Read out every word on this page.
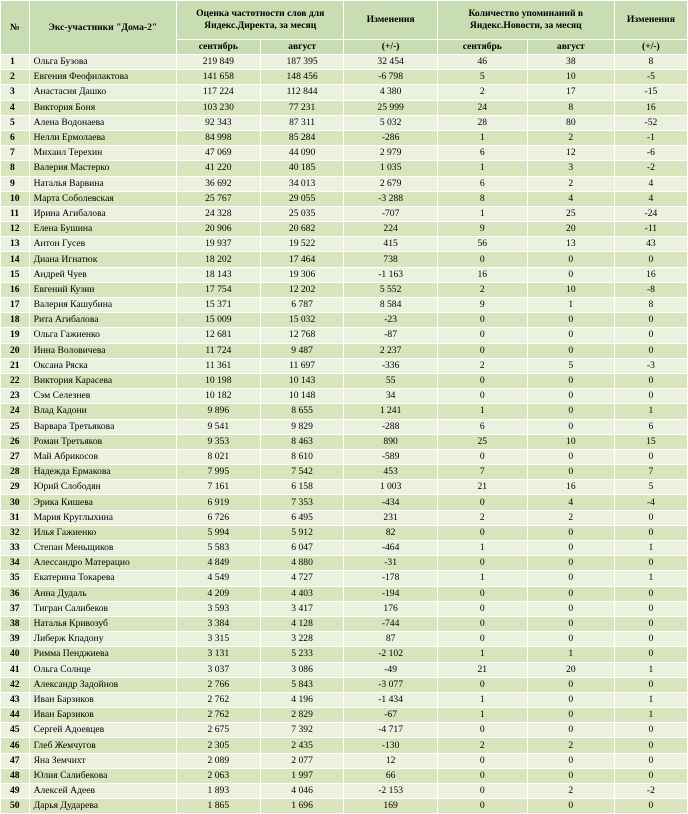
№	Экс-участники "Дома-2"	Оценка частотности слов для Яндекс.Директа, за месяц		Изменения	Количество упоминаний в Яндекс.Новости, за месяц		Изменения
		сентябрь	август	(+/-)	сентябрь	август	(+/-)
1	Ольга Бузова	219 849	187 395	32 454	46	38	8
2	Евгения Феофилактова	141 658	148 456	-6 798	5	10	-5
3	Анастасия Дашко	117 224	112 844	4 380	2	17	-15
4	Виктория Боня	103 230	77 231	25 999	24	8	16
5	Алена Водонаева	92 343	87 311	5 032	28	80	-52
6	Нелли Ермолаева	84 998	85 284	-286	1	2	-1
7	Михаил Терехин	47 069	44 090	2 979	6	12	-6
8	Валерия Мастерко	41 220	40 185	1 035	1	3	-2
9	Наталья Варвина	36 692	34 013	2 679	6	2	4
10	Марта Соболевская	25 767	29 055	-3 288	8	4	4
11	Ирина Агибалова	24 328	25 035	-707	1	25	-24
12	Елена Бушина	20 906	20 682	224	9	20	-11
13	Антон Гусев	19 937	19 522	415	56	13	43
14	Диана Игнатюк	18 202	17 464	738	0	0	0
15	Андрей Чуев	18 143	19 306	-1 163	16	0	16
16	Евгений Кузин	17 754	12 202	5 552	2	10	-8
17	Валерия Кашубина	15 371	6 787	8 584	9	1	8
18	Рита Агибалова	15 009	15 032	-23	0	0	0
19	Ольга Гажиенко	12 681	12 768	-87	0	0	0
20	Инна Воловичева	11 724	9 487	2 237	0	0	0
21	Оксана Ряска	11 361	11 697	-336	2	5	-3
22	Виктория Карасева	10 198	10 143	55	0	0	0
23	Сэм Селезнев	10 182	10 148	34	0	0	0
24	Влад Кадони	9 896	8 655	1 241	1	0	1
25	Варвара Третьякова	9 541	9 829	-288	6	0	6
26	Роман Третьяков	9 353	8 463	890	25	10	15
27	Май Абрикосов	8 021	8 610	-589	0	0	0
28	Надежда Ермакова	7 995	7 542	453	7	0	7
29	Юрий Слободян	7 161	6 158	1 003	21	16	5
30	Эрика Кишева	6 919	7 353	-434	0	4	-4
31	Мария Круглыхина	6 726	6 495	231	2	2	0
32	Илья Гажиенко	5 994	5 912	82	0	0	0
33	Степан Меньщиков	5 583	6 047	-464	1	0	1
34	Алессандро Матерацио	4 849	4 880	-31	0	0	0
35	Екатерина Токарева	4 549	4 727	-178	1	0	1
36	Анна Дудаль	4 209	4 403	-194	0	0	0
37	Тигран Салибеков	3 593	3 417	176	0	0	0
38	Наталья Кривозуб	3 384	4 128	-744	0	0	0
39	Либерж Кпадону	3 315	3 228	87	0	0	0
40	Римма Пенджиева	3 131	5 233	-2 102	1	1	0
41	Ольга Солнце	3 037	3 086	-49	21	20	1
42	Александр Задойнов	2 766	5 843	-3 077	0	0	0
43	Иван Барзиков	2 762	4 196	-1 434	1	0	1
44	Иван Барзиков	2 762	2 829	-67	1	0	1
45	Сергей Адоевцев	2 675	7 392	-4 717	0	0	0
46	Глеб Жемчугов	2 305	2 435	-130	2	2	0
47	Яна Земчихт	2 089	2 077	12	0	0	0
48	Юлия Салибекова	2 063	1 997	66	0	0	0
49	Алексей Адеев	1 893	4 046	-2 153	0	2	-2
50	Дарья Дударева	1 865	1 696	169	0	0	0
